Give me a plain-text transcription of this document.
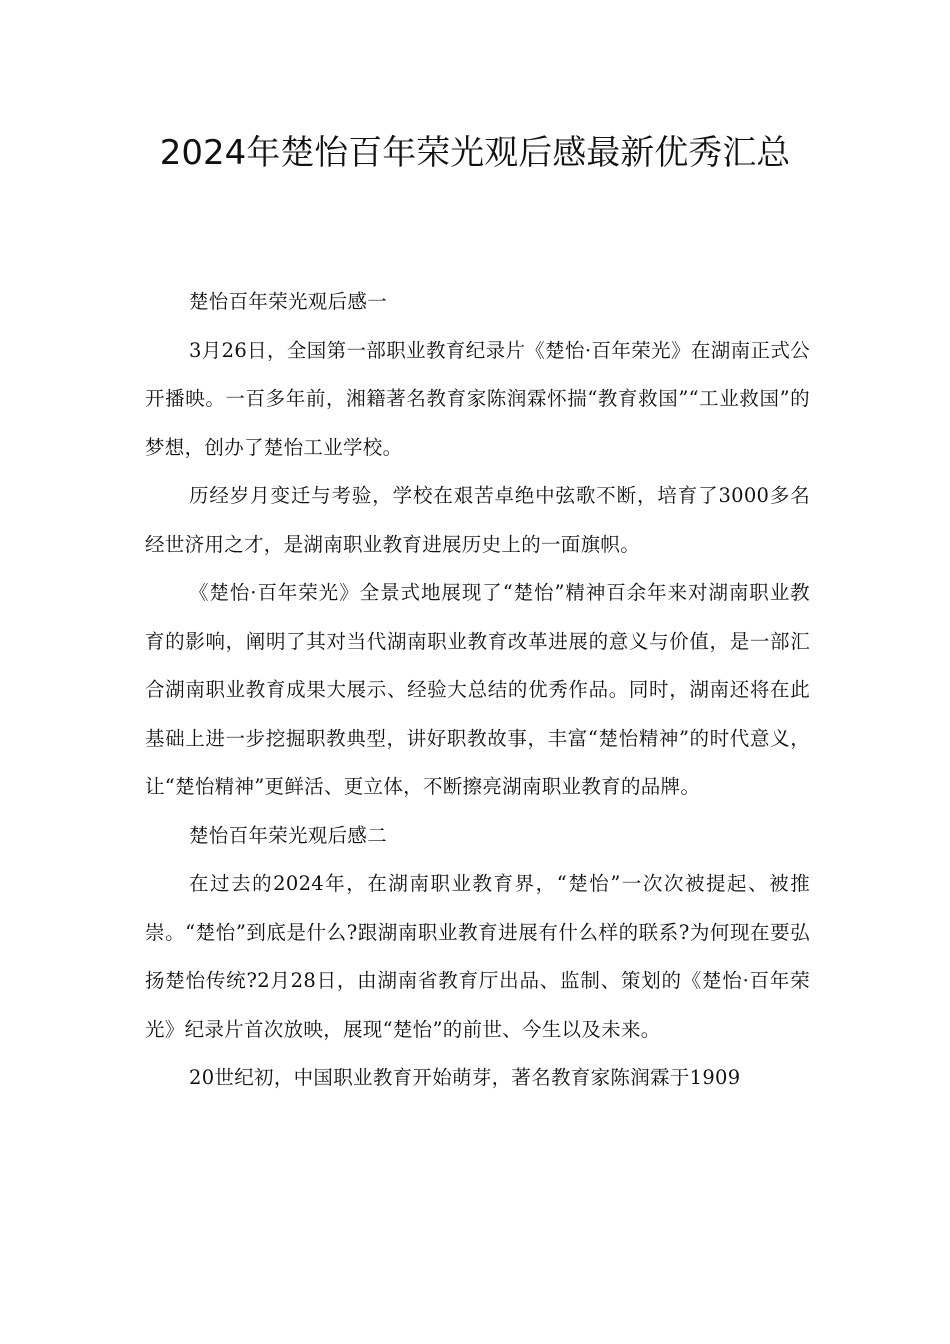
2024年楚怡百年荣光观后感最新优秀汇总

楚怡百年荣光观后感一

3月26日，全国第一部职业教育纪录片《楚怡·百年荣光》在湖南正式公开播映。一百多年前，湘籍著名教育家陈润霖怀揣“教育救国”“工业救国”的梦想，创办了楚怡工业学校。

历经岁月变迁与考验，学校在艰苦卓绝中弦歌不断，培育了3000多名经世济用之才，是湖南职业教育进展历史上的一面旗帜。

《楚怡·百年荣光》全景式地展现了“楚怡”精神百余年来对湖南职业教育的影响，阐明了其对当代湖南职业教育改革进展的意义与价值，是一部汇合湖南职业教育成果大展示、经验大总结的优秀作品。同时，湖南还将在此基础上进一步挖掘职教典型，讲好职教故事，丰富“楚怡精神”的时代意义，让“楚怡精神”更鲜活、更立体，不断擦亮湖南职业教育的品牌。

楚怡百年荣光观后感二

在过去的2024年，在湖南职业教育界，“楚怡”一次次被提起、被推崇。“楚怡”到底是什么?跟湖南职业教育进展有什么样的联系?为何现在要弘扬楚怡传统?2月28日，由湖南省教育厅出品、监制、策划的《楚怡·百年荣光》纪录片首次放映，展现“楚怡”的前世、今生以及未来。

20世纪初，中国职业教育开始萌芽，著名教育家陈润霖于1909
